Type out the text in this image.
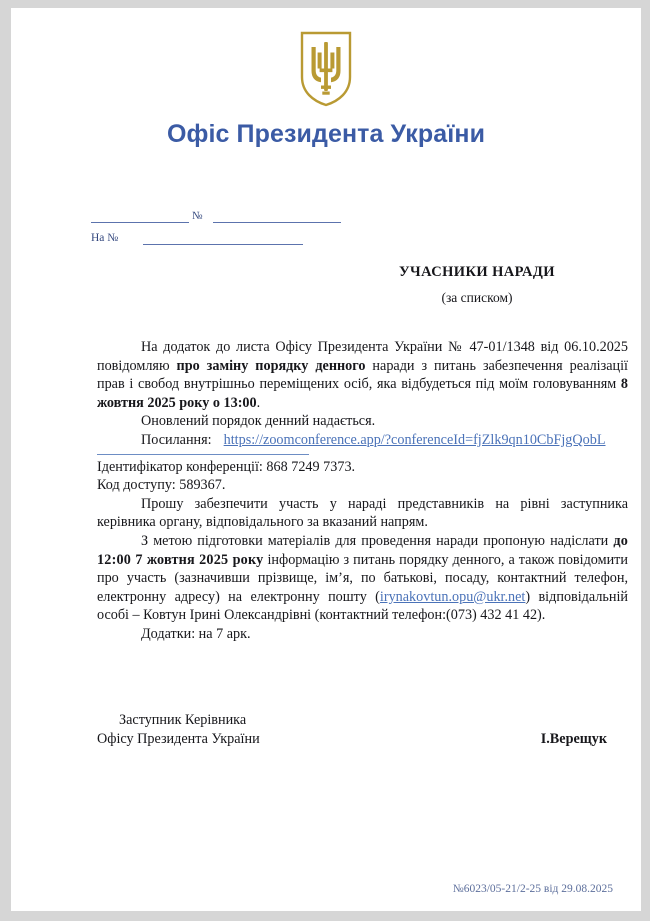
Офіс Президента України
№
На №
УЧАСНИКИ НАРАДИ
(за списком)

На додаток до листа Офісу Президента України № 47-01/1348 від 06.10.2025 повідомляю про заміну порядку денного наради з питань забезпечення реалізації прав і свобод внутрішньо переміщених осіб, яка відбудеться під моїм головуванням 8 жовтня 2025 року о 13:00.

Оновлений порядок денний надається.

Посилання: https://zoomconference.app/?conferenceId=fjZlk9qn10CbFjgQobL

Ідентифікатор конференції: 868 7249 7373.

Код доступу: 589367.

Прошу забезпечити участь у нараді представників на рівні заступника керівника органу, відповідального за вказаний напрям.

З метою підготовки матеріалів для проведення наради пропоную надіслати до 12:00 7 жовтня 2025 року інформацію з питань порядку денного, а також повідомити про участь (зазначивши прізвище, ім’я, по батькові, посаду, контактний телефон, електронну адресу) на електронну пошту (irynakovtun.opu@ukr.net) відповідальній особі – Ковтун Ірині Олександрівні (контактний телефон:(073) 432 41 42).

Додатки: на 7 арк.

Заступник Керівника
Офісу Президента України	І.Верещук
№6023/05-21/2-25 від 29.08.2025
